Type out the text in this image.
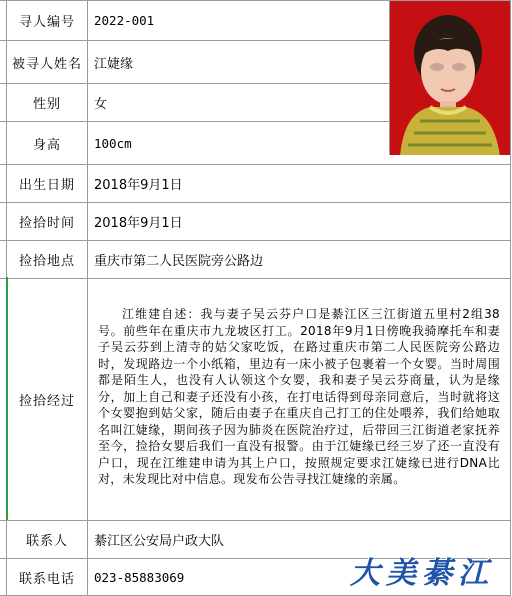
寻人编号	2022-001
被寻人姓名 江婕缘
性别	女
身高	100cm
出生日期	2018年9月1日
捡拾时间	2018年9月1日
捡拾地点	重庆市第二人民医院旁公路边
捡拾经过
江维建自述：我与妻子吴云芬户口是綦江区三江街道五里村2组38号。前些年在重庆市九龙坡区打工。2018年9月1日傍晚我骑摩托车和妻子吴云芬到上清寺的姑父家吃饭，在路过重庆市第二人民医院旁公路边时，发现路边一个小纸箱，里边有一床小被子包裹着一个女婴。当时周围都是陌生人，也没有人认领这个女婴，我和妻子吴云芬商量，认为是缘分，加上自己和妻子还没有小孩，在打电话得到母亲同意后，当时就将这个女婴抱到姑父家，随后由妻子在重庆自己打工的住处喂养，我们给她取名叫江婕缘，期间孩子因为肺炎在医院治疗过，后带回三江街道老家抚养至今，捡拾女婴后我们一直没有报警。由于江婕缘已经三岁了还一直没有户口，现在江维建申请为其上户口，按照规定要求江婕缘已进行DNA比对，未发现比对中信息。现发布公告寻找江婕缘的亲属。
联系人	綦江区公安局户政大队
联系电话	023-85883069	大美綦江
